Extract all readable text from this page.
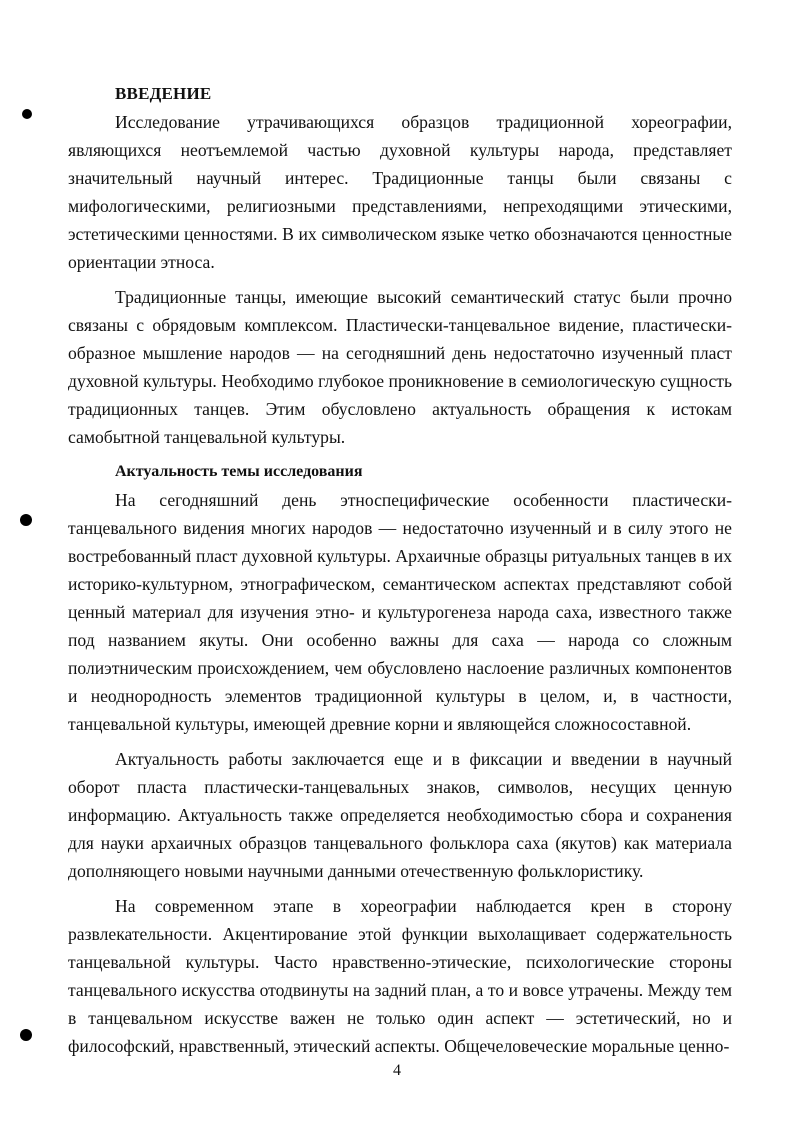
ВВЕДЕНИЕ

Исследование утрачивающихся образцов традиционной хореографии, являющихся неотъемлемой частью духовной культуры народа, представляет значительный научный интерес. Традиционные танцы были связаны с мифологическими, религиозными представлениями, непреходящими этическими, эстетическими ценностями. В их символическом языке четко обозначаются ценностные ориентации этноса.

Традиционные танцы, имеющие высокий семантический статус были прочно связаны с обрядовым комплексом. Пластически-танцевальное видение, пластически-образное мышление народов — на сегодняшний день недостаточно изученный пласт духовной культуры. Необходимо глубокое проникновение в семиологическую сущность традиционных танцев. Этим обусловлено актуальность обращения к истокам самобытной танцевальной культуры.

Актуальность темы исследования

На сегодняшний день этноспецифические особенности пластически-танцевального видения многих народов — недостаточно изученный и в силу этого не востребованный пласт духовной культуры. Архаичные образцы ритуальных танцев в их историко-культурном, этнографическом, семантическом аспектах представляют собой ценный материал для изучения этно- и культурогенеза народа саха, известного также под названием якуты. Они особенно важны для саха — народа со сложным полиэтническим происхождением, чем обусловлено наслоение различных компонентов и неоднородность элементов традиционной культуры в целом, и, в частности, танцевальной культуры, имеющей древние корни и являющейся сложносоставной.

Актуальность работы заключается еще и в фиксации и введении в научный оборот пласта пластически-танцевальных знаков, символов, несущих ценную информацию. Актуальность также определяется необходимостью сбора и сохранения для науки архаичных образцов танцевального фольклора саха (якутов) как материала дополняющего новыми научными данными отечественную фольклористику.

На современном этапе в хореографии наблюдается крен в сторону развлекательности. Акцентирование этой функции выхолащивает содержательность танцевальной культуры. Часто нравственно-этические, психологические стороны танцевального искусства отодвинуты на задний план, а то и вовсе утрачены. Между тем в танцевальном искусстве важен не только один аспект — эстетический, но и философский, нравственный, этический аспекты. Общечеловеческие моральные ценно-

4
